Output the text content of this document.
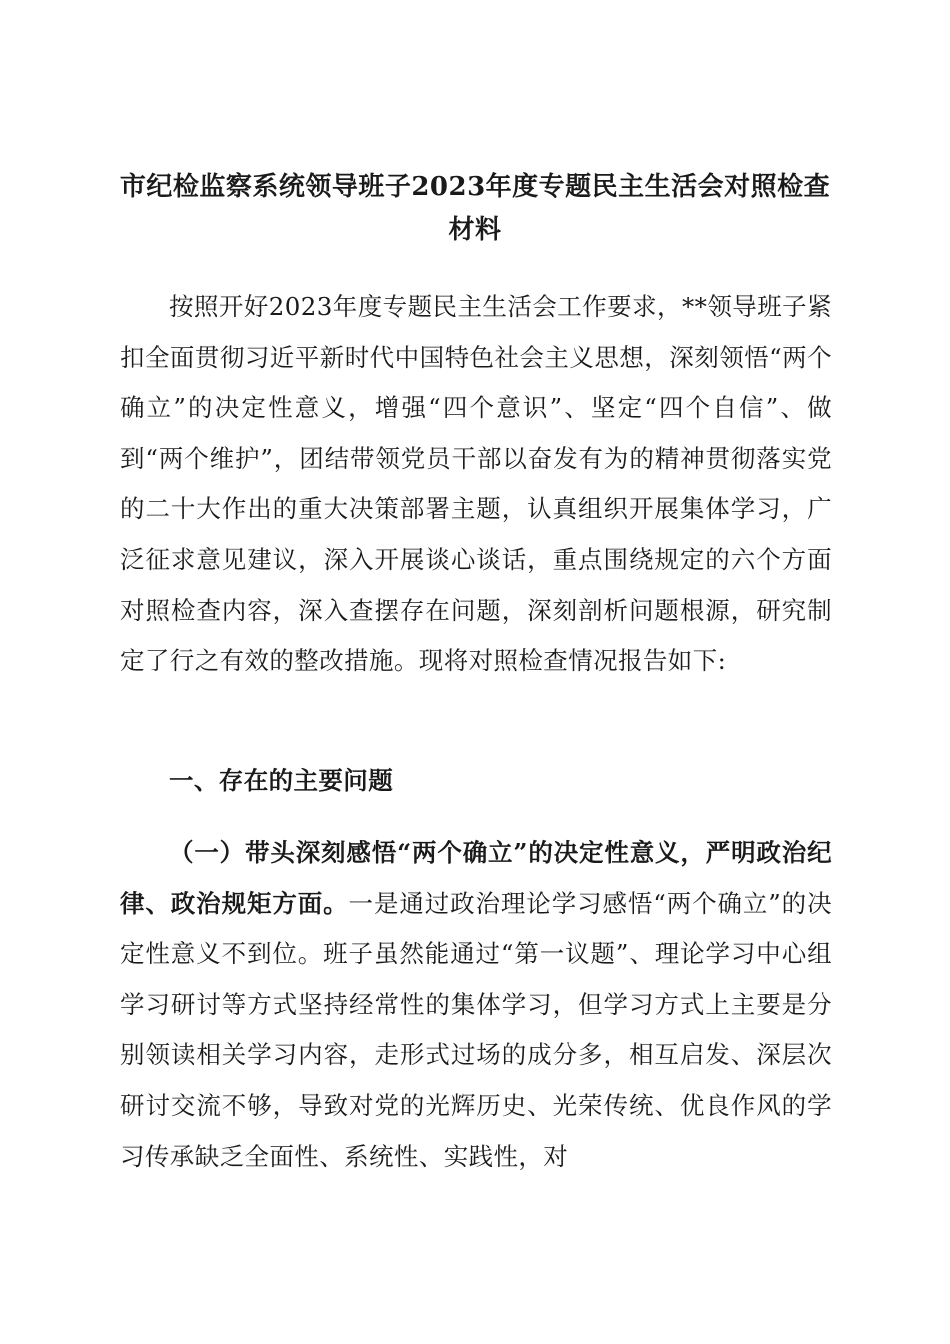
市纪检监察系统领导班子2023年度专题民主生活会对照检查材料

按照开好2023年度专题民主生活会工作要求，**领导班子紧扣全面贯彻习近平新时代中国特色社会主义思想，深刻领悟“两个确立”的决定性意义，增强“四个意识”、坚定“四个自信”、做到“两个维护”，团结带领党员干部以奋发有为的精神贯彻落实党的二十大作出的重大决策部署主题，认真组织开展集体学习，广泛征求意见建议，深入开展谈心谈话，重点围绕规定的六个方面对照检查内容，深入查摆存在问题，深刻剖析问题根源，研究制定了行之有效的整改措施。现将对照检查情况报告如下:

一、存在的主要问题

（一）带头深刻感悟“两个确立”的决定性意义，严明政治纪律、政治规矩方面。一是通过政治理论学习感悟“两个确立”的决定性意义不到位。班子虽然能通过“第一议题”、理论学习中心组学习研讨等方式坚持经常性的集体学习，但学习方式上主要是分别领读相关学习内容，走形式过场的成分多，相互启发、深层次研讨交流不够，导致对党的光辉历史、光荣传统、优良作风的学习传承缺乏全面性、系统性、实践性，对
